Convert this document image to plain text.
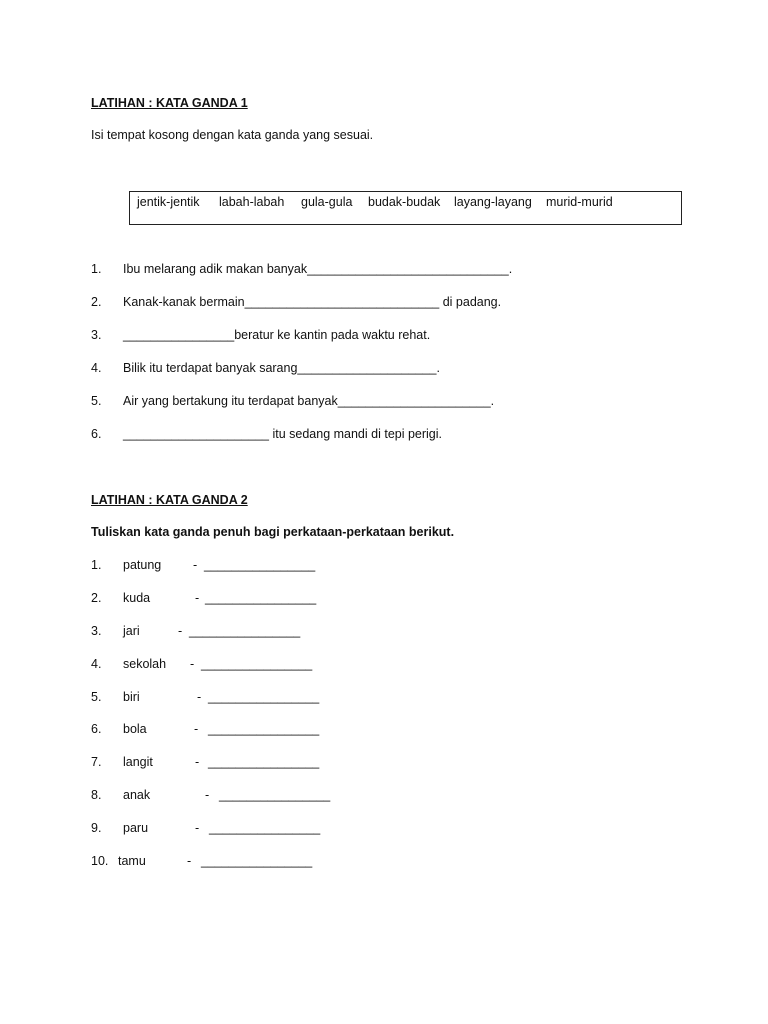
LATIHAN : KATA GANDA 1
Isi tempat kosong dengan kata ganda yang sesuai.
jentik-jentik labah-labah gula-gula budak-budak layang-layang murid-murid
1. Ibu melarang adik makan banyak_____________________________.
2. Kanak-kanak bermain____________________________ di padang.
3. ________________beratur ke kantin pada waktu rehat.
4. Bilik itu terdapat banyak sarang____________________.
5. Air yang bertakung itu terdapat banyak______________________.
6. _____________________ itu sedang mandi di tepi perigi.
LATIHAN : KATA GANDA 2
Tuliskan kata ganda penuh bagi perkataan-perkataan berikut.
1. patung	- ________________
2. kuda	- ________________
3. jari	- ________________
4. sekolah - ________________
5. biri	- ________________
6. bola	- ________________
7. langit	- ________________
8. anak	- ________________
9. paru	- ________________
10. tamu	- ________________
